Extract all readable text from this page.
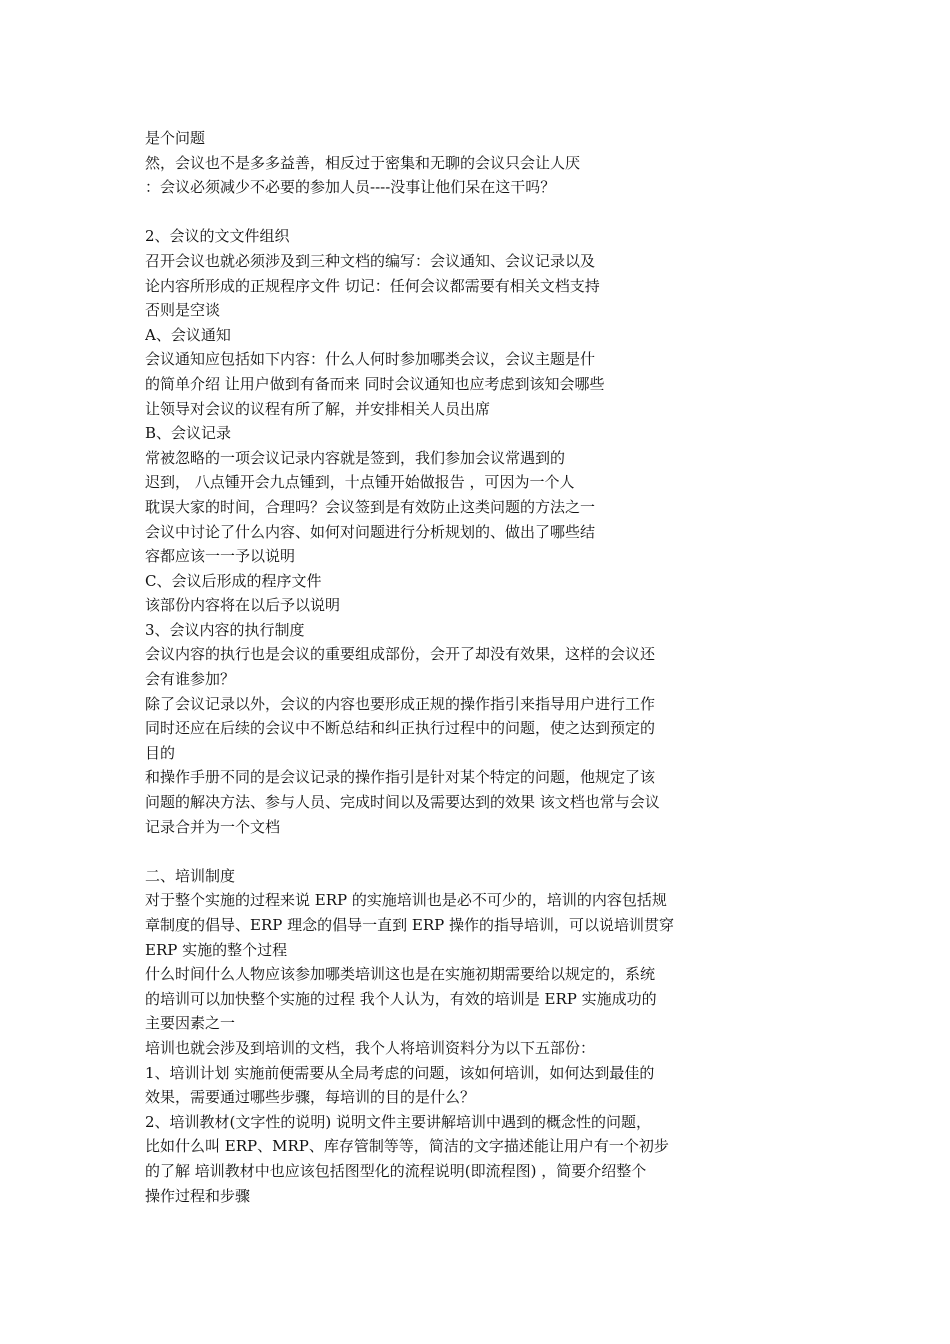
是个问题
然，会议也不是多多益善，相反过于密集和无聊的会议只会让人厌
：会议必须减少不必要的参加人员----没事让他们呆在这干吗？
2、会议的文文件组织
召开会议也就必须涉及到三种文档的编写：会议通知、会议记录以及
论内容所形成的正规程序文件 切记：任何会议都需要有相关文档支持
否则是空谈
A、会议通知
会议通知应包括如下内容：什么人何时参加哪类会议，会议主题是什
的简单介绍 让用户做到有备而来 同时会议通知也应考虑到该知会哪些
让领导对会议的议程有所了解，并安排相关人员出席
B、会议记录
常被忽略的一项会议记录内容就是签到，我们参加会议常遇到的
迟到， 八点锺开会九点锺到，十点锺开始做报告 ，可因为一个人
耽误大家的时间，合理吗？会议签到是有效防止这类问题的方法之一
会议中讨论了什么内容、如何对问题进行分析规划的、做出了哪些结
容都应该一一予以说明
C、会议后形成的程序文件
该部份内容将在以后予以说明
3、会议内容的执行制度
会议内容的执行也是会议的重要组成部份，会开了却没有效果，这样的会议还
会有谁参加？
除了会议记录以外，会议的内容也要形成正规的操作指引来指导用户进行工作
同时还应在后续的会议中不断总结和纠正执行过程中的问题，使之达到预定的
目的
和操作手册不同的是会议记录的操作指引是针对某个特定的问题，他规定了该
问题的解决方法、参与人员、完成时间以及需要达到的效果 该文档也常与会议
记录合并为一个文档
二、培训制度
对于整个实施的过程来说 ERP 的实施培训也是必不可少的，培训的内容包括规
章制度的倡导、ERP 理念的倡导一直到 ERP 操作的指导培训，可以说培训贯穿
ERP 实施的整个过程
什么时间什么人物应该参加哪类培训这也是在实施初期需要给以规定的，系统
的培训可以加快整个实施的过程 我个人认为，有效的培训是 ERP 实施成功的
主要因素之一
培训也就会涉及到培训的文档，我个人将培训资料分为以下五部份：
1、培训计划 实施前便需要从全局考虑的问题，该如何培训，如何达到最佳的
效果，需要通过哪些步骤，每培训的目的是什么？
2、培训教材(文字性的说明) 说明文件主要讲解培训中遇到的概念性的问题，
比如什么叫 ERP、MRP、库存管制等等，简洁的文字描述能让用户有一个初步
的了解 培训教材中也应该包括图型化的流程说明(即流程图) ，简要介绍整个
操作过程和步骤
